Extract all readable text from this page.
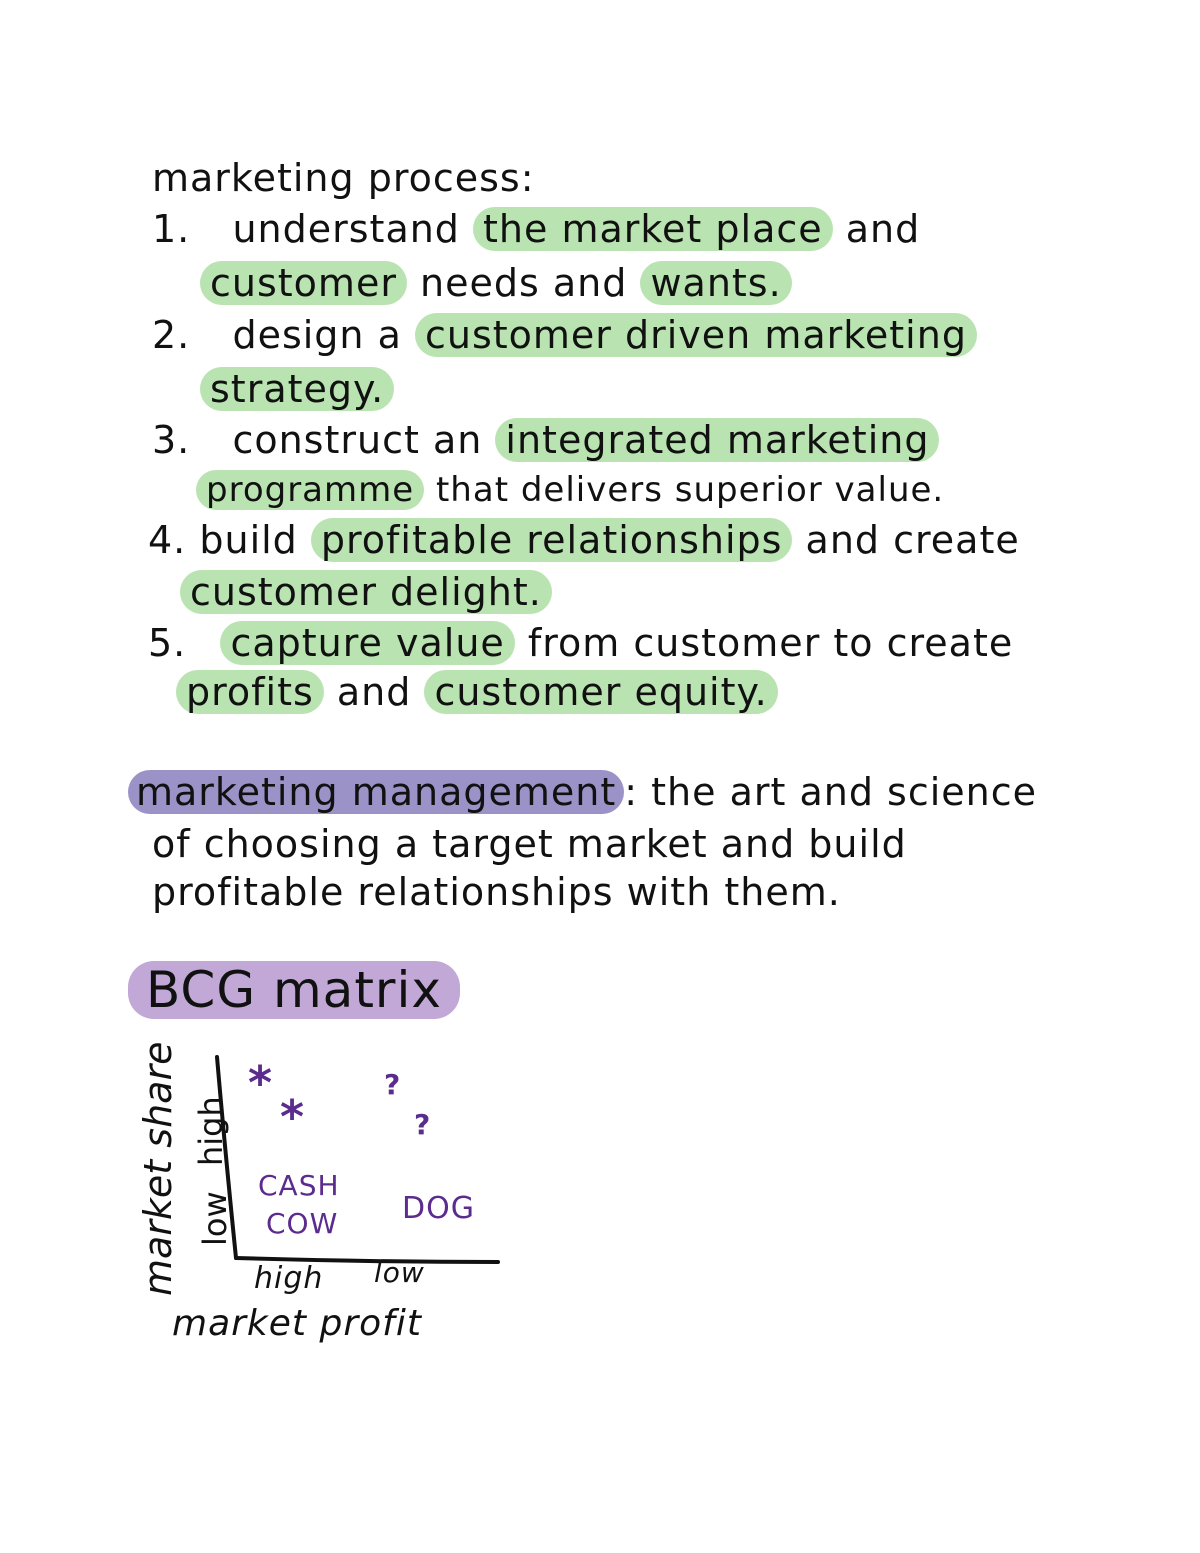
marketing process:
1. understand the market place and
customer needs and wants.
2. design a customer driven marketing
strategy.
3. construct an integrated marketing
programme that delivers superior value.
4. build profitable relationships and create
customer delight.
5. capture value from customer to create
profits and customer equity.
marketing management : the art and science
of choosing a target market and build
profitable relationships with them.
BCG matrix
market share high
low
high low
market profit
*
*
?
?
CASH
COW DOG
